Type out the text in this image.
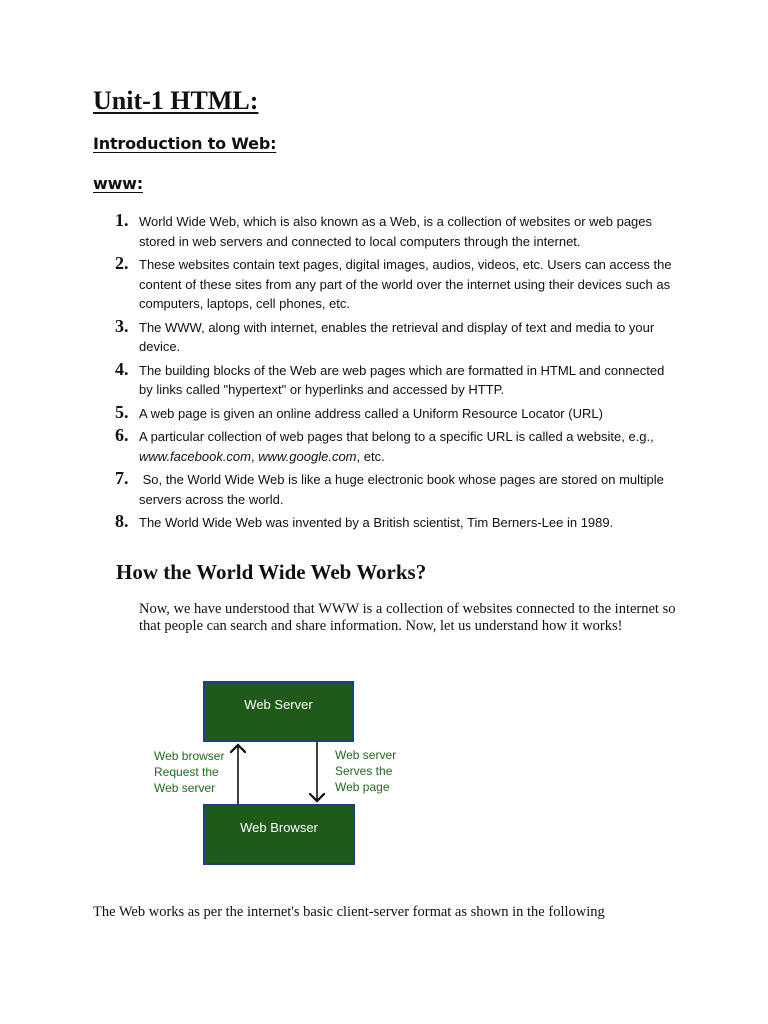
Unit-1 HTML:
Introduction to Web:
www:
1. World Wide Web, which is also known as a Web, is a collection of websites or web pages stored in web servers and connected to local computers through the internet.
2. These websites contain text pages, digital images, audios, videos, etc. Users can access the content of these sites from any part of the world over the internet using their devices such as computers, laptops, cell phones, etc.
3. The WWW, along with internet, enables the retrieval and display of text and media to your device.
4. The building blocks of the Web are web pages which are formatted in HTML and connected by links called "hypertext" or hyperlinks and accessed by HTTP.
5. A web page is given an online address called a Uniform Resource Locator (URL)
6. A particular collection of web pages that belong to a specific URL is called a website, e.g., www.facebook.com, www.google.com, etc.
7. So, the World Wide Web is like a huge electronic book whose pages are stored on multiple servers across the world.
8. The World Wide Web was invented by a British scientist, Tim Berners-Lee in 1989.
How the World Wide Web Works?

Now, we have understood that WWW is a collection of websites connected to the internet so that people can search and share information. Now, let us understand how it works!

Web Server
Web Browser

Web browser
Request the
Web server

Web server
Serves the
Web page

The Web works as per the internet's basic client-server format as shown in the following
